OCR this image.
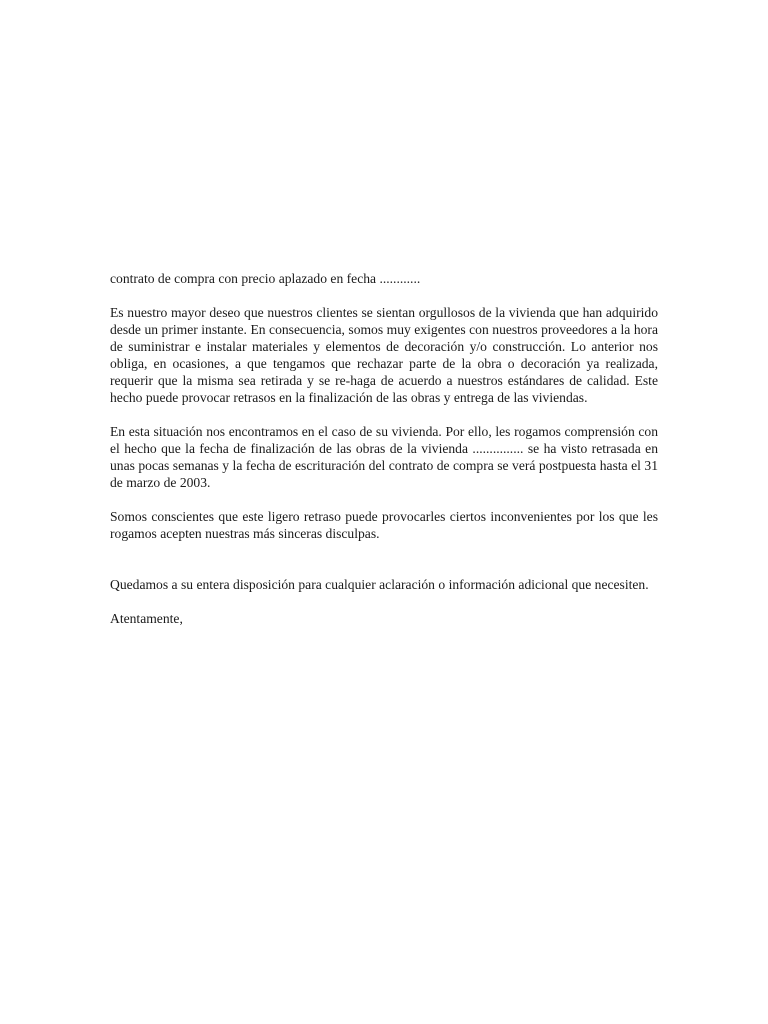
contrato de compra con precio aplazado en fecha ............

Es nuestro mayor deseo que nuestros clientes se sientan orgullosos de la vivienda que han adquirido desde un primer instante. En consecuencia, somos muy exigentes con nuestros proveedores a la hora de suministrar e instalar materiales y elementos de decoración y/o construcción. Lo anterior nos obliga, en ocasiones, a que tengamos que rechazar parte de la obra o decoración ya realizada, requerir que la misma sea retirada y se re-haga de acuerdo a nuestros estándares de calidad. Este hecho puede provocar retrasos en la finalización de las obras y entrega de las viviendas.

En esta situación nos encontramos en el caso de su vivienda. Por ello, les rogamos comprensión con el hecho que la fecha de finalización de las obras de la vivienda ............... se ha visto retrasada en unas pocas semanas y la fecha de escrituración del contrato de compra se verá postpuesta hasta el 31 de marzo de 2003.

Somos conscientes que este ligero retraso puede provocarles ciertos inconvenientes por los que les rogamos acepten nuestras más sinceras disculpas.

Quedamos a su entera disposición para cualquier aclaración o información adicional que necesiten.

Atentamente,
